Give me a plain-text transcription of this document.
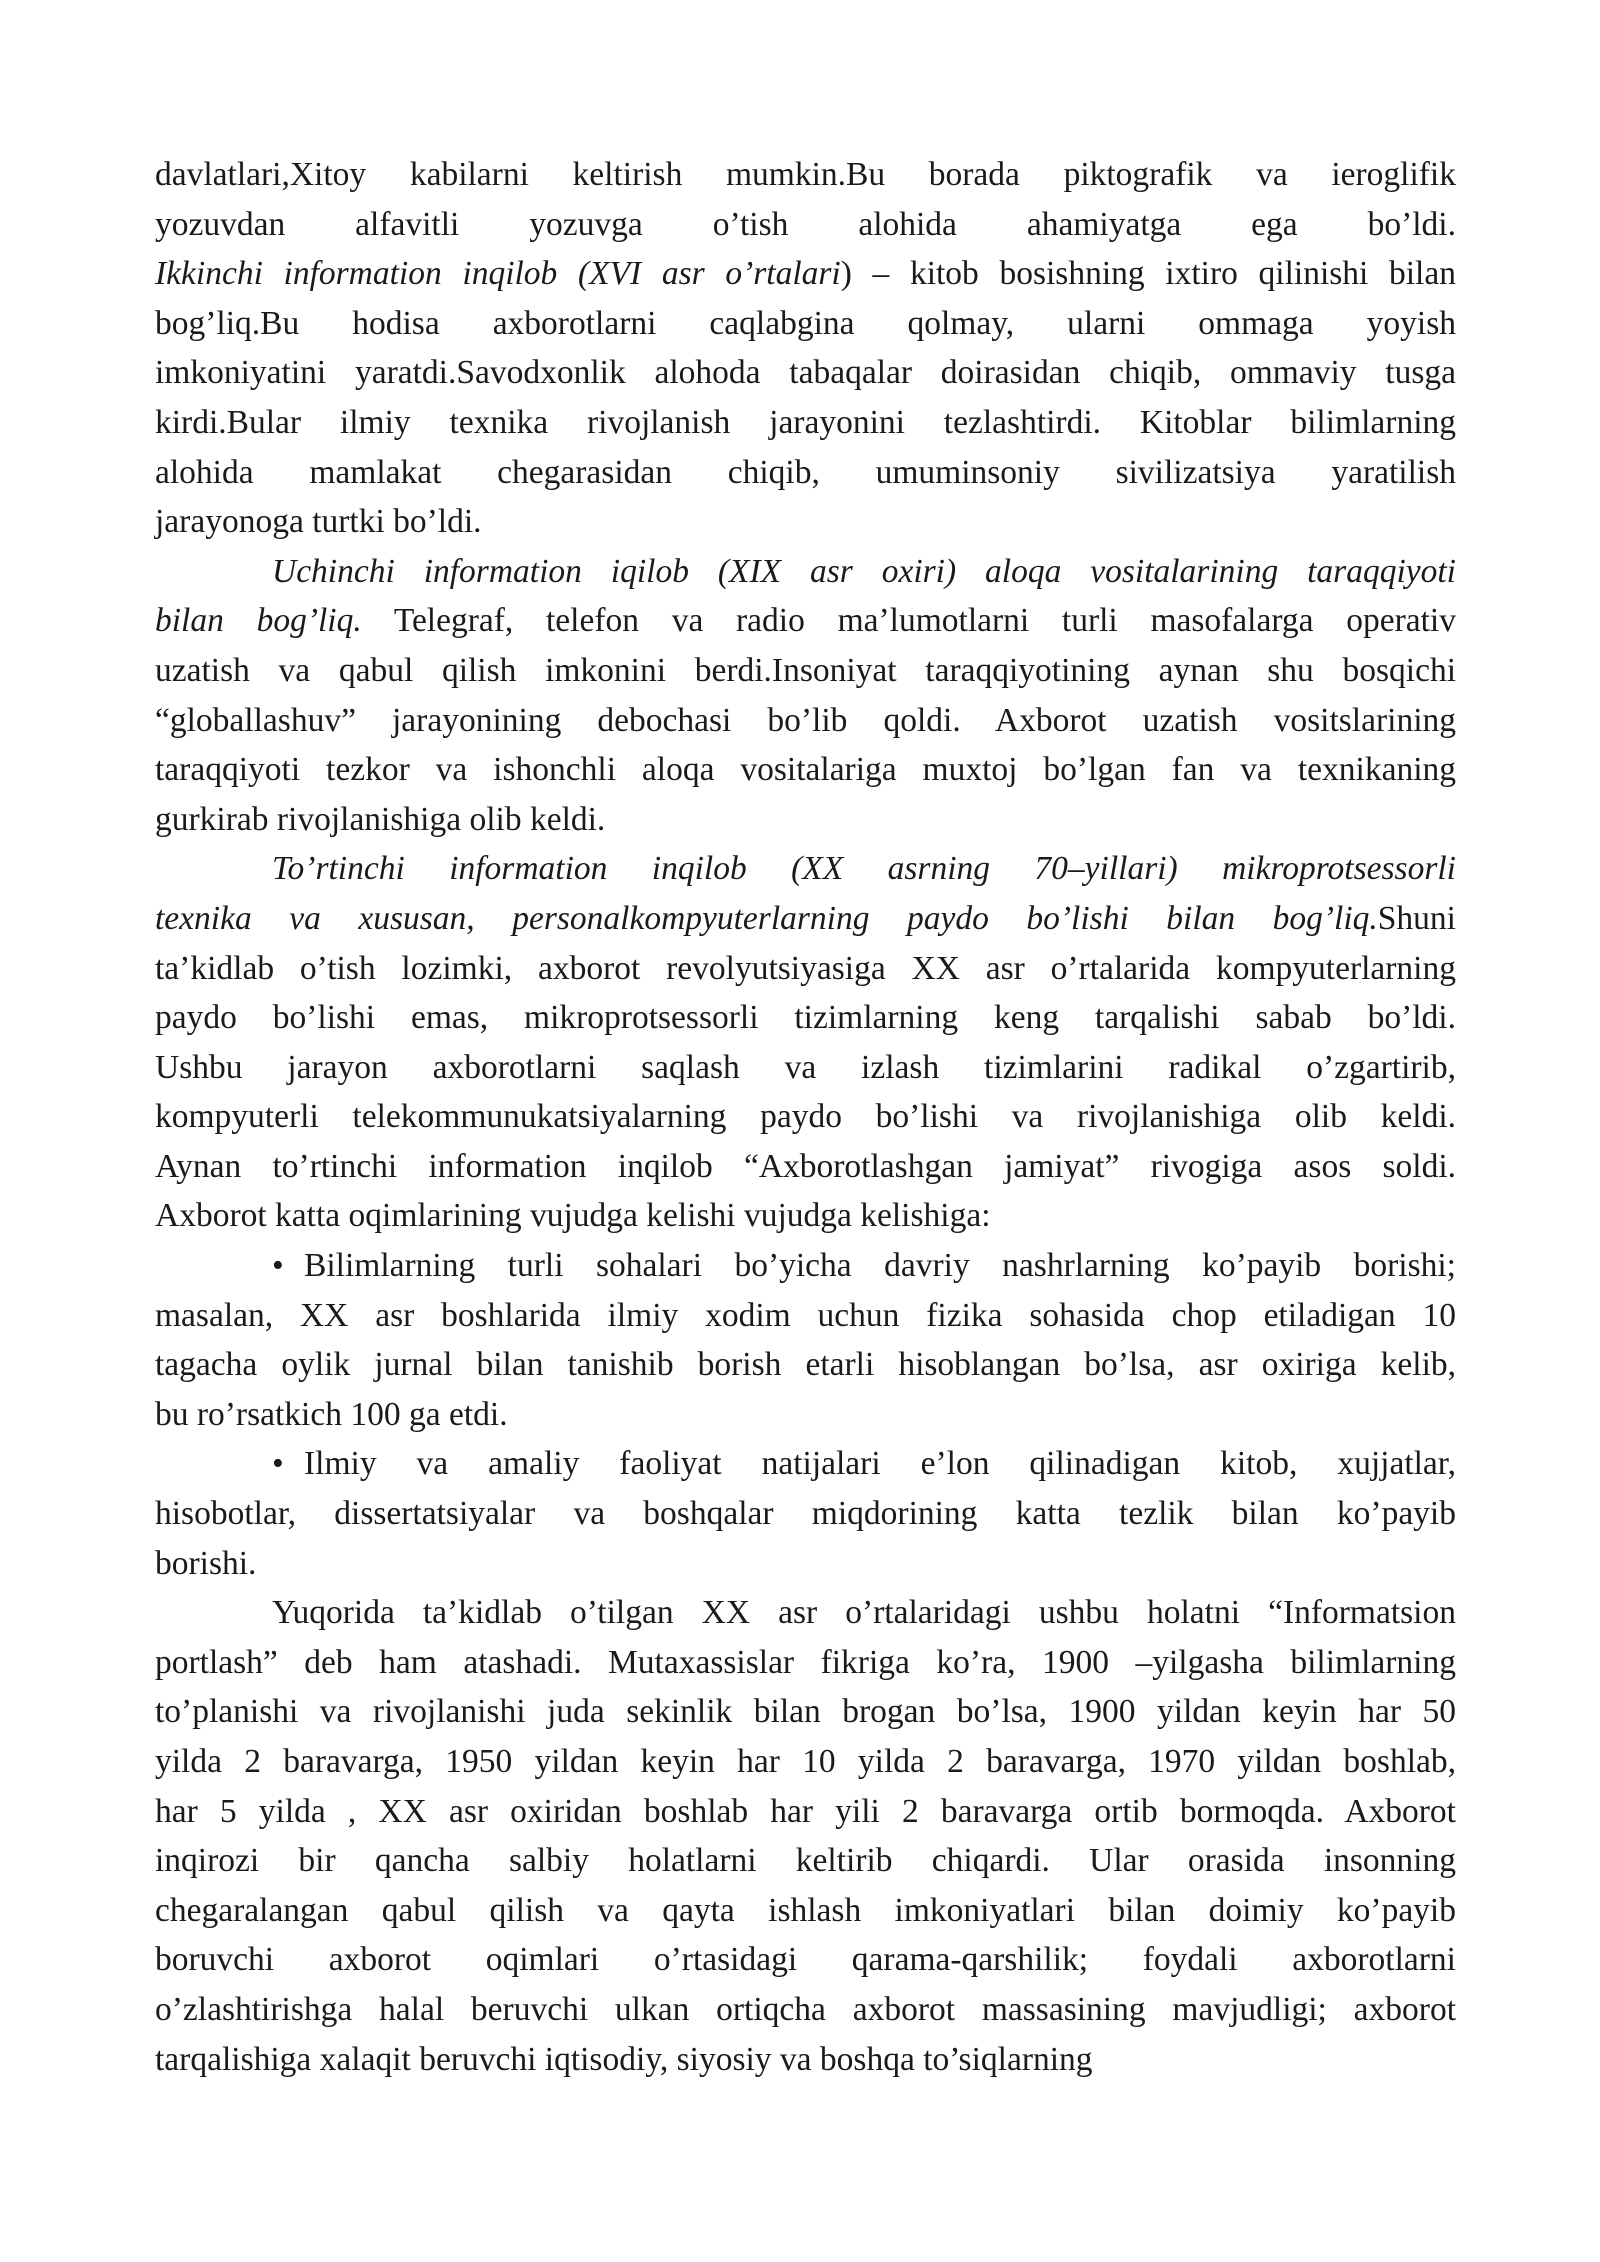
davlatlari,Xitoy kabilarni keltirish mumkin.Bu borada piktografik va ieroglifik
yozuvdan alfavitli yozuvga o’tish alohida ahamiyatga ega bo’ldi.
Ikkinchi information inqilob (XVI asr o’rtalari) – kitob bosishning ixtiro qilinishi bilan
bog’liq.Bu hodisa axborotlarni caqlabgina qolmay, ularni ommaga yoyish
imkoniyatini yaratdi.Savodxonlik alohoda tabaqalar doirasidan chiqib, ommaviy tusga
kirdi.Bular ilmiy texnika rivojlanish jarayonini tezlashtirdi. Kitoblar bilimlarning
alohida mamlakat chegarasidan chiqib, umuminsoniy sivilizatsiya yaratilish
jarayonoga turtki bo’ldi.
Uchinchi information iqilob (XIX asr oxiri) aloqa vositalarining taraqqiyoti
bilan bog’liq. Telegraf, telefon va radio ma’lumotlarni turli masofalarga operativ
uzatish va qabul qilish imkonini berdi.Insoniyat taraqqiyotining aynan shu bosqichi
“globallashuv” jarayonining debochasi bo’lib qoldi. Axborot uzatish vositslarining
taraqqiyoti tezkor va ishonchli aloqa vositalariga muxtoj bo’lgan fan va texnikaning
gurkirab rivojlanishiga olib keldi.
To’rtinchi information inqilob (XX asrning 70–yillari) mikroprotsessorli
texnika va xususan, personalkompyuterlarning paydo bo’lishi bilan bog’liq.Shuni
ta’kidlab o’tish lozimki, axborot revolyutsiyasiga XX asr o’rtalarida kompyuterlarning
paydo bo’lishi emas, mikroprotsessorli tizimlarning keng tarqalishi sabab bo’ldi.
Ushbu jarayon axborotlarni saqlash va izlash tizimlarini radikal o’zgartirib,
kompyuterli telekommunukatsiyalarning paydo bo’lishi va rivojlanishiga olib keldi.
Aynan to’rtinchi information inqilob “Axborotlashgan jamiyat” rivogiga asos soldi.
Axborot katta oqimlarining vujudga kelishi vujudga kelishiga:
• Bilimlarning turli sohalari bo’yicha davriy nashrlarning ko’payib borishi;
masalan, XX asr boshlarida ilmiy xodim uchun fizika sohasida chop etiladigan 10
tagacha oylik jurnal bilan tanishib borish etarli hisoblangan bo’lsa, asr oxiriga kelib,
bu ro’rsatkich 100 ga etdi.
• Ilmiy va amaliy faoliyat natijalari e’lon qilinadigan kitob, xujjatlar,
hisobotlar, dissertatsiyalar va boshqalar miqdorining katta tezlik bilan ko’payib
borishi.
Yuqorida ta’kidlab o’tilgan XX asr o’rtalaridagi ushbu holatni “Informatsion
portlash” deb ham atashadi. Mutaxassislar fikriga ko’ra, 1900 –yilgasha bilimlarning
to’planishi va rivojlanishi juda sekinlik bilan brogan bo’lsa, 1900 yildan keyin har 50
yilda 2 baravarga, 1950 yildan keyin har 10 yilda 2 baravarga, 1970 yildan boshlab,
har 5 yilda , XX asr oxiridan boshlab har yili 2 baravarga ortib bormoqda. Axborot
inqirozi bir qancha salbiy holatlarni keltirib chiqardi. Ular orasida insonning
chegaralangan qabul qilish va qayta ishlash imkoniyatlari bilan doimiy ko’payib
boruvchi axborot oqimlari o’rtasidagi qarama-qarshilik; foydali axborotlarni
o’zlashtirishga halal beruvchi ulkan ortiqcha axborot massasining mavjudligi; axborot
tarqalishiga xalaqit beruvchi iqtisodiy, siyosiy va boshqa to’siqlarning
